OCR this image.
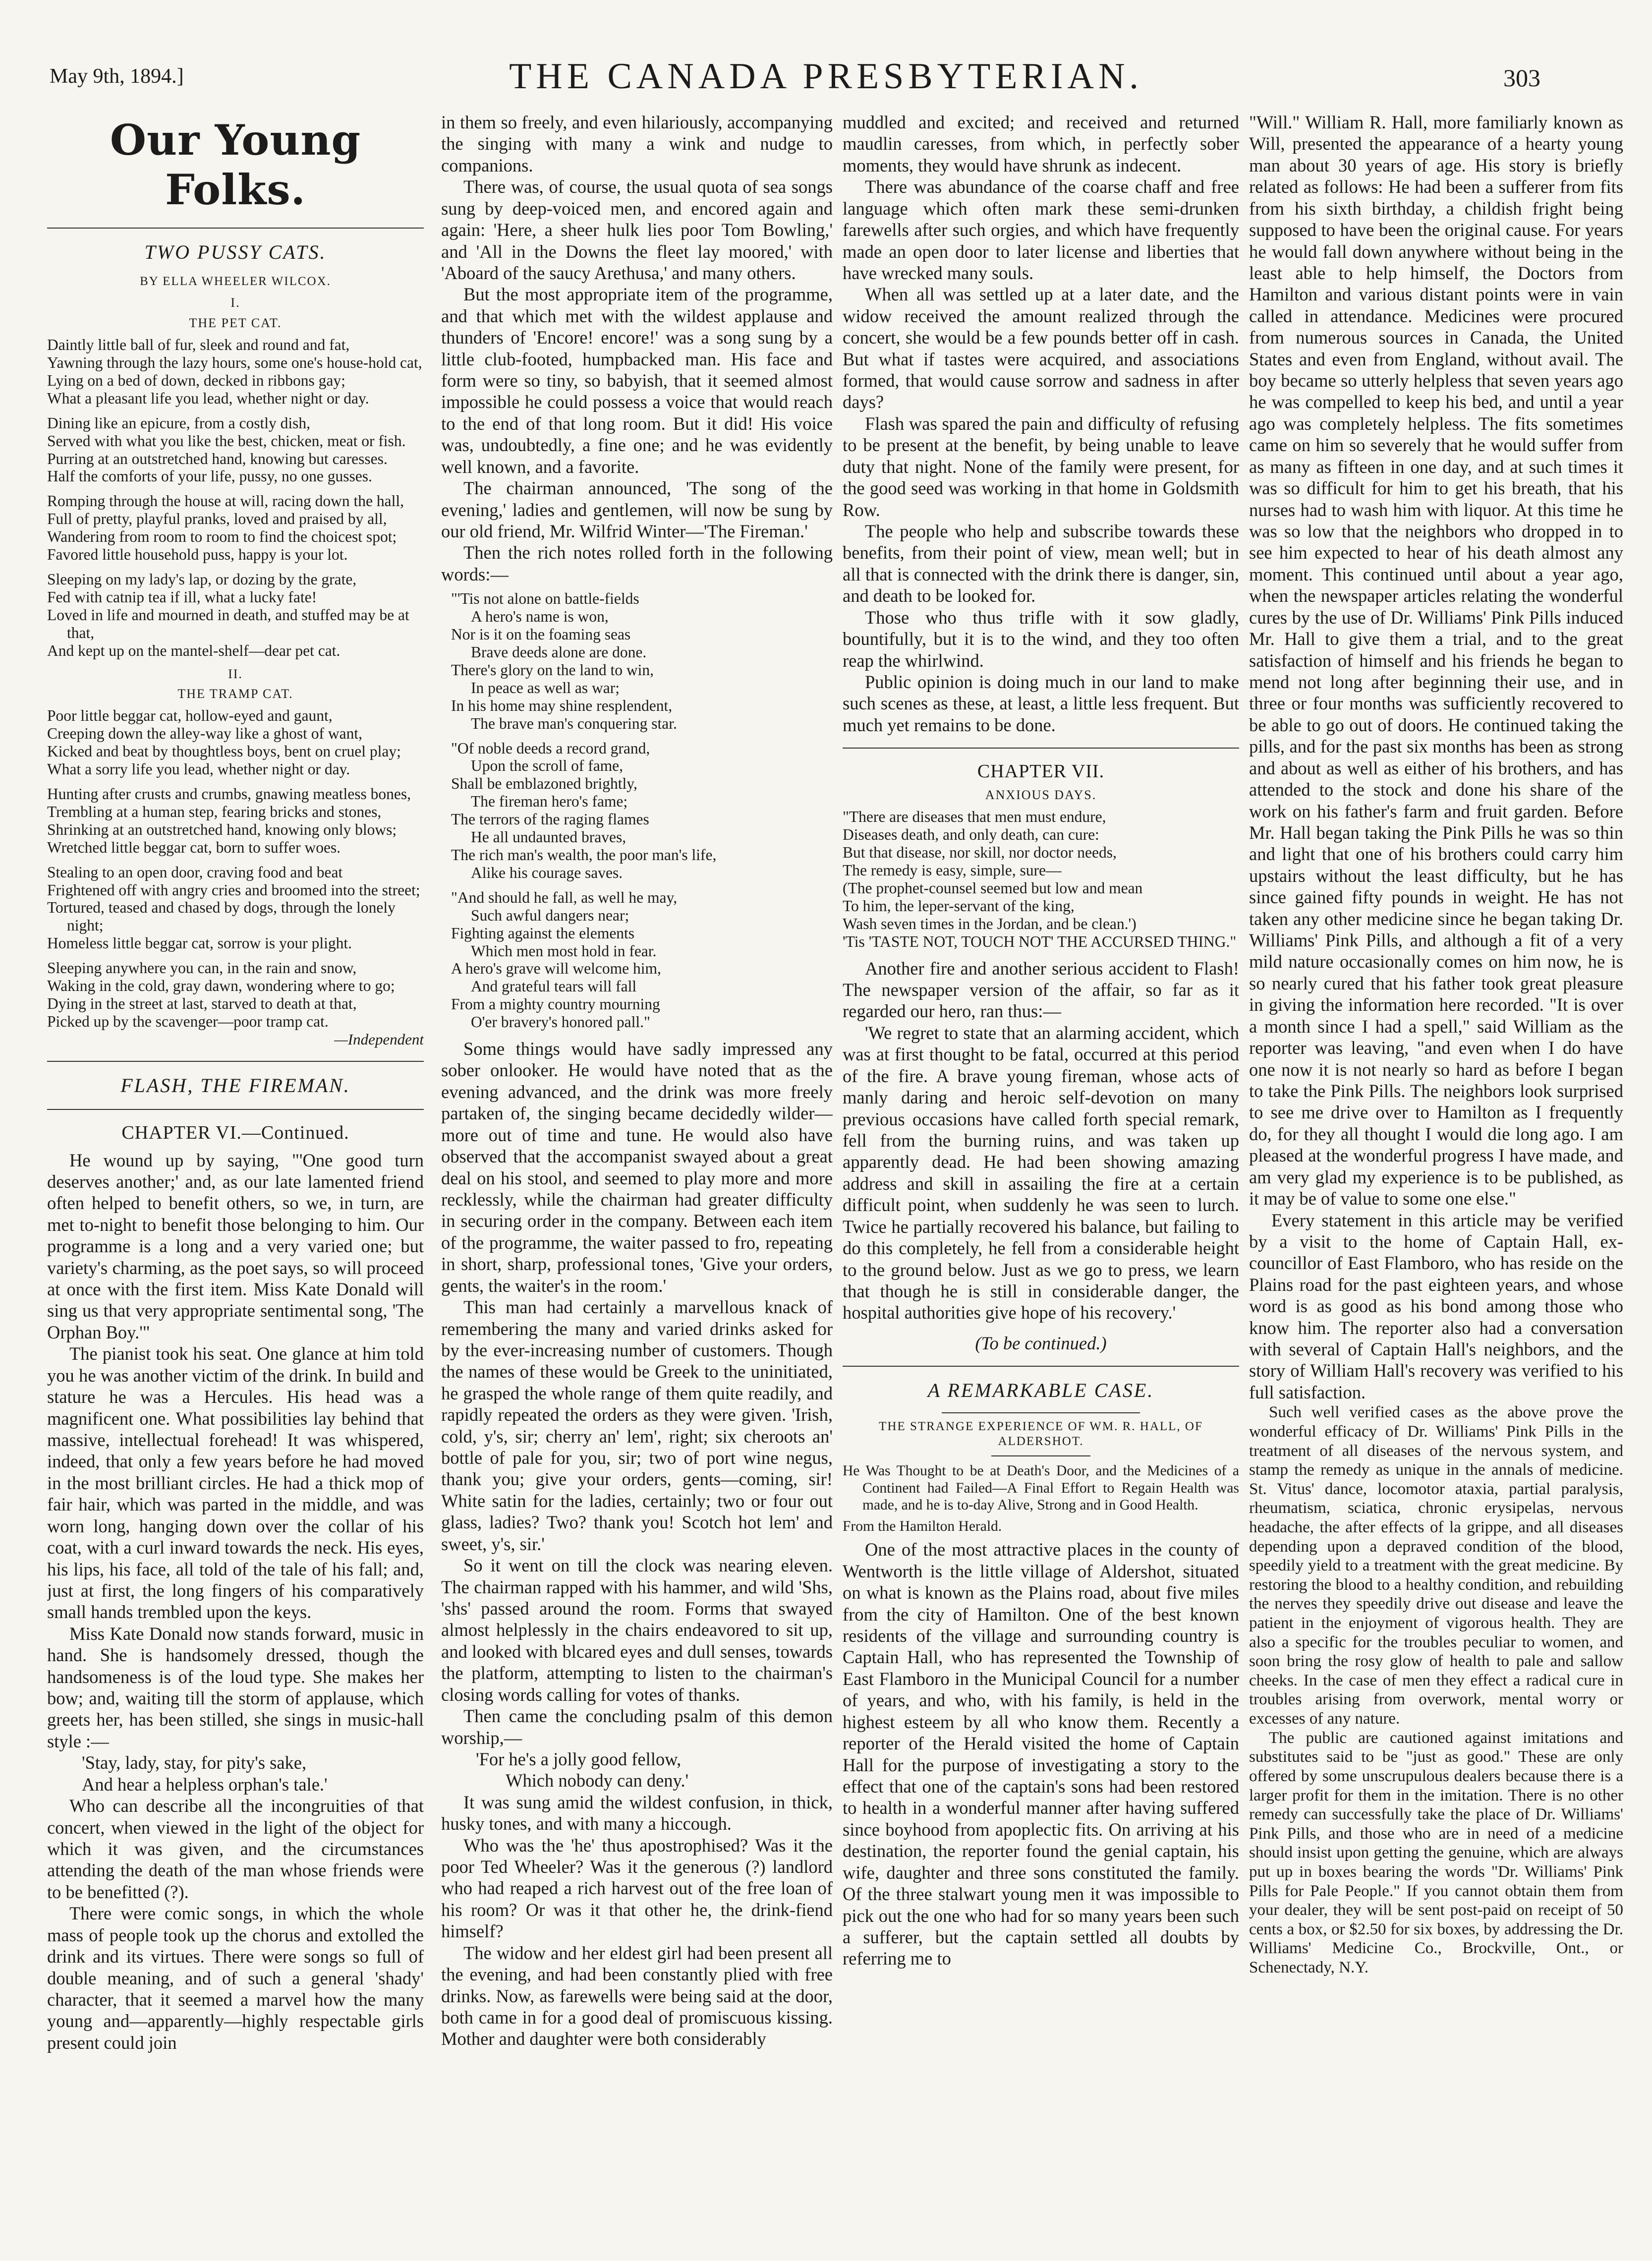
May 9th, 1894.]	THE CANADA PRESBYTERIAN.	303
Our Young Folks.
TWO PUSSY CATS.
BY ELLA WHEELER WILCOX.
I.
THE PET CAT.
Daintly little ball of fur, sleek and round and fat,
Yawning through the lazy hours, some one's house-hold cat,
Lying on a bed of down, decked in ribbons gay;
What a pleasant life you lead, whether night or day.
Dining like an epicure, from a costly dish,
Served with what you like the best, chicken, meat or fish.
Purring at an outstretched hand, knowing but caresses.
Half the comforts of your life, pussy, no one gusses.
Romping through the house at will, racing down the hall,
Full of pretty, playful pranks, loved and praised by all,
Wandering from room to room to find the choicest spot;
Favored little household puss, happy is your lot.
Sleeping on my lady's lap, or dozing by the grate,
Fed with catnip tea if ill, what a lucky fate!
Loved in life and mourned in death, and stuffed may be at that,
And kept up on the mantel-shelf—dear pet cat.
II.
THE TRAMP CAT.
Poor little beggar cat, hollow-eyed and gaunt,
Creeping down the alley-way like a ghost of want,
Kicked and beat by thoughtless boys, bent on cruel play;
What a sorry life you lead, whether night or day.
Hunting after crusts and crumbs, gnawing meatless bones,
Trembling at a human step, fearing bricks and stones,
Shrinking at an outstretched hand, knowing only blows;
Wretched little beggar cat, born to suffer woes.
Stealing to an open door, craving food and beat
Frightened off with angry cries and broomed into the street;
Tortured, teased and chased by dogs, through the lonely night;
Homeless little beggar cat, sorrow is your plight.
Sleeping anywhere you can, in the rain and snow,
Waking in the cold, gray dawn, wondering where to go;
Dying in the street at last, starved to death at that,
Picked up by the scavenger—poor tramp cat.
—Independent
FLASH, THE FIREMAN.
CHAPTER VI.—Continued.

He wound up by saying, "'One good turn deserves another;' and, as our late lamented friend often helped to benefit others, so we, in turn, are met to-night to benefit those belonging to him. Our programme is a long and a very varied one; but variety's charming, as the poet says, so will proceed at once with the first item. Miss Kate Donald will sing us that very appropriate sentimental song, 'The Orphan Boy.'"

The pianist took his seat. One glance at him told you he was another victim of the drink. In build and stature he was a Hercules. His head was a magnificent one. What possibilities lay behind that massive, intellectual forehead! It was whispered, indeed, that only a few years before he had moved in the most brilliant circles. He had a thick mop of fair hair, which was parted in the middle, and was worn long, hanging down over the collar of his coat, with a curl inward towards the neck. His eyes, his lips, his face, all told of the tale of his fall; and, just at first, the long fingers of his comparatively small hands trembled upon the keys.

Miss Kate Donald now stands forward, music in hand. She is handsomely dressed, though the handsomeness is of the loud type. She makes her bow; and, waiting till the storm of applause, which greets her, has been stilled, she sings in music-hall style :—

'Stay, lady, stay, for pity's sake,

And hear a helpless orphan's tale.'

Who can describe all the incongruities of that concert, when viewed in the light of the object for which it was given, and the circumstances attending the death of the man whose friends were to be benefitted (?).

There were comic songs, in which the whole mass of people took up the chorus and extolled the drink and its virtues. There were songs so full of double meaning, and of such a general 'shady' character, that it seemed a marvel how the many young and—apparently—highly respectable girls present could join

in them so freely, and even hilariously, accompanying the singing with many a wink and nudge to companions.

There was, of course, the usual quota of sea songs sung by deep-voiced men, and encored again and again: 'Here, a sheer hulk lies poor Tom Bowling,' and 'All in the Downs the fleet lay moored,' with 'Aboard of the saucy Arethusa,' and many others.

But the most appropriate item of the programme, and that which met with the wildest applause and thunders of 'Encore! encore!' was a song sung by a little club-footed, humpbacked man. His face and form were so tiny, so babyish, that it seemed almost impossible he could possess a voice that would reach to the end of that long room. But it did! His voice was, undoubtedly, a fine one; and he was evidently well known, and a favorite.

The chairman announced, 'The song of the evening,' ladies and gentlemen, will now be sung by our old friend, Mr. Wilfrid Winter—'The Fireman.'

Then the rich notes rolled forth in the following words:—

"'Tis not alone on battle-fields
A hero's name is won,
Nor is it on the foaming seas
Brave deeds alone are done.
There's glory on the land to win,
In peace as well as war;
In his home may shine resplendent,
The brave man's conquering star.
"Of noble deeds a record grand,
Upon the scroll of fame,
Shall be emblazoned brightly,
The fireman hero's fame;
The terrors of the raging flames
He all undaunted braves,
The rich man's wealth, the poor man's life,
Alike his courage saves.
"And should he fall, as well he may,
Such awful dangers near;
Fighting against the elements
Which men most hold in fear.
A hero's grave will welcome him,
And grateful tears will fall
From a mighty country mourning
O'er bravery's honored pall."

Some things would have sadly impressed any sober onlooker. He would have noted that as the evening advanced, and the drink was more freely partaken of, the singing became decidedly wilder—more out of time and tune. He would also have observed that the accompanist swayed about a great deal on his stool, and seemed to play more and more recklessly, while the chairman had greater difficulty in securing order in the company. Between each item of the programme, the waiter passed to fro, repeating in short, sharp, professional tones, 'Give your orders, gents, the waiter's in the room.'

This man had certainly a marvellous knack of remembering the many and varied drinks asked for by the ever-increasing number of customers. Though the names of these would be Greek to the uninitiated, he grasped the whole range of them quite readily, and rapidly repeated the orders as they were given. 'Irish, cold, y's, sir; cherry an' lem', right; six cheroots an' bottle of pale for you, sir; two of port wine negus, thank you; give your orders, gents—coming, sir! White satin for the ladies, certainly; two or four out glass, ladies? Two? thank you! Scotch hot lem' and sweet, y's, sir.'

So it went on till the clock was nearing eleven. The chairman rapped with his hammer, and wild 'Shs, 'shs' passed around the room. Forms that swayed almost helplessly in the chairs endeavored to sit up, and looked with blcared eyes and dull senses, towards the platform, attempting to listen to the chairman's closing words calling for votes of thanks.

Then came the concluding psalm of this demon worship,—

'For he's a jolly good fellow,

Which nobody can deny.'

It was sung amid the wildest confusion, in thick, husky tones, and with many a hiccough.

Who was the 'he' thus apostrophised? Was it the poor Ted Wheeler? Was it the generous (?) landlord who had reaped a rich harvest out of the free loan of his room? Or was it that other he, the drink-fiend himself?

The widow and her eldest girl had been present all the evening, and had been constantly plied with free drinks. Now, as farewells were being said at the door, both came in for a good deal of promiscuous kissing. Mother and daughter were both considerably

muddled and excited; and received and returned maudlin caresses, from which, in perfectly sober moments, they would have shrunk as indecent.

There was abundance of the coarse chaff and free language which often mark these semi-drunken farewells after such orgies, and which have frequently made an open door to later license and liberties that have wrecked many souls.

When all was settled up at a later date, and the widow received the amount realized through the concert, she would be a few pounds better off in cash. But what if tastes were acquired, and associations formed, that would cause sorrow and sadness in after days?

Flash was spared the pain and difficulty of refusing to be present at the benefit, by being unable to leave duty that night. None of the family were present, for the good seed was working in that home in Goldsmith Row.

The people who help and subscribe towards these benefits, from their point of view, mean well; but in all that is connected with the drink there is danger, sin, and death to be looked for.

Those who thus trifle with it sow gladly, bountifully, but it is to the wind, and they too often reap the whirlwind.

Public opinion is doing much in our land to make such scenes as these, at least, a little less frequent. But much yet remains to be done.

CHAPTER VII.
ANXIOUS DAYS.
"There are diseases that men must endure,
Diseases death, and only death, can cure:
But that disease, nor skill, nor doctor needs,
The remedy is easy, simple, sure—
(The prophet-counsel seemed but low and mean
To him, the leper-servant of the king,
Wash seven times in the Jordan, and be clean.')
'Tis 'TASTE NOT, TOUCH NOT' THE ACCURSED THING."

Another fire and another serious accident to Flash! The newspaper version of the affair, so far as it regarded our hero, ran thus:—

'We regret to state that an alarming accident, which was at first thought to be fatal, occurred at this period of the fire. A brave young fireman, whose acts of manly daring and heroic self-devotion on many previous occasions have called forth special remark, fell from the burning ruins, and was taken up apparently dead. He had been showing amazing address and skill in assailing the fire at a certain difficult point, when suddenly he was seen to lurch. Twice he partially recovered his balance, but failing to do this completely, he fell from a considerable height to the ground below. Just as we go to press, we learn that though he is still in considerable danger, the hospital authorities give hope of his recovery.'

(To be continued.)
A REMARKABLE CASE.
THE STRANGE EXPERIENCE OF WM. R. HALL, OF ALDERSHOT.
He Was Thought to be at Death's Door, and the Medicines of a Continent had Failed—A Final Effort to Regain Health was made, and he is to-day Alive, Strong and in Good Health.

From the Hamilton Herald.

One of the most attractive places in the county of Wentworth is the little village of Aldershot, situated on what is known as the Plains road, about five miles from the city of Hamilton. One of the best known residents of the village and surrounding country is Captain Hall, who has represented the Township of East Flamboro in the Municipal Council for a number of years, and who, with his family, is held in the highest esteem by all who know them. Recently a reporter of the Herald visited the home of Captain Hall for the purpose of investigating a story to the effect that one of the captain's sons had been restored to health in a wonderful manner after having suffered since boyhood from apoplectic fits. On arriving at his destination, the reporter found the genial captain, his wife, daughter and three sons constituted the family. Of the three stalwart young men it was impossible to pick out the one who had for so many years been such a sufferer, but the captain settled all doubts by referring me to

"Will." William R. Hall, more familiarly known as Will, presented the appearance of a hearty young man about 30 years of age. His story is briefly related as follows: He had been a sufferer from fits from his sixth birthday, a childish fright being supposed to have been the original cause. For years he would fall down anywhere without being in the least able to help himself, the Doctors from Hamilton and various distant points were in vain called in attendance. Medicines were procured from numerous sources in Canada, the United States and even from England, without avail. The boy became so utterly helpless that seven years ago he was compelled to keep his bed, and until a year ago was completely helpless. The fits sometimes came on him so severely that he would suffer from as many as fifteen in one day, and at such times it was so difficult for him to get his breath, that his nurses had to wash him with liquor. At this time he was so low that the neighbors who dropped in to see him expected to hear of his death almost any moment. This continued until about a year ago, when the newspaper articles relating the wonderful cures by the use of Dr. Williams' Pink Pills induced Mr. Hall to give them a trial, and to the great satisfaction of himself and his friends he began to mend not long after beginning their use, and in three or four months was sufficiently recovered to be able to go out of doors. He continued taking the pills, and for the past six months has been as strong and about as well as either of his brothers, and has attended to the stock and done his share of the work on his father's farm and fruit garden. Before Mr. Hall began taking the Pink Pills he was so thin and light that one of his brothers could carry him upstairs without the least difficulty, but he has since gained fifty pounds in weight. He has not taken any other medicine since he began taking Dr. Williams' Pink Pills, and although a fit of a very mild nature occasionally comes on him now, he is so nearly cured that his father took great pleasure in giving the information here recorded. "It is over a month since I had a spell," said William as the reporter was leaving, "and even when I do have one now it is not nearly so hard as before I began to take the Pink Pills. The neighbors look surprised to see me drive over to Hamilton as I frequently do, for they all thought I would die long ago. I am pleased at the wonderful progress I have made, and am very glad my experience is to be published, as it may be of value to some one else."

Every statement in this article may be verified by a visit to the home of Captain Hall, ex-councillor of East Flamboro, who has reside on the Plains road for the past eighteen years, and whose word is as good as his bond among those who know him. The reporter also had a conversation with several of Captain Hall's neighbors, and the story of William Hall's recovery was verified to his full satisfaction.

Such well verified cases as the above prove the wonderful efficacy of Dr. Williams' Pink Pills in the treatment of all diseases of the nervous system, and stamp the remedy as unique in the annals of medicine. St. Vitus' dance, locomotor ataxia, partial paralysis, rheumatism, sciatica, chronic erysipelas, nervous headache, the after effects of la grippe, and all diseases depending upon a depraved condition of the blood, speedily yield to a treatment with the great medicine. By restoring the blood to a healthy condition, and rebuilding the nerves they speedily drive out disease and leave the patient in the enjoyment of vigorous health. They are also a specific for the troubles peculiar to women, and soon bring the rosy glow of health to pale and sallow cheeks. In the case of men they effect a radical cure in troubles arising from overwork, mental worry or excesses of any nature.

The public are cautioned against imitations and substitutes said to be "just as good." These are only offered by some unscrupulous dealers because there is a larger profit for them in the imitation. There is no other remedy can successfully take the place of Dr. Williams' Pink Pills, and those who are in need of a medicine should insist upon getting the genuine, which are always put up in boxes bearing the words "Dr. Williams' Pink Pills for Pale People." If you cannot obtain them from your dealer, they will be sent post-paid on receipt of 50 cents a box, or $2.50 for six boxes, by addressing the Dr. Williams' Medicine Co., Brockville, Ont., or Schenectady, N.Y.
